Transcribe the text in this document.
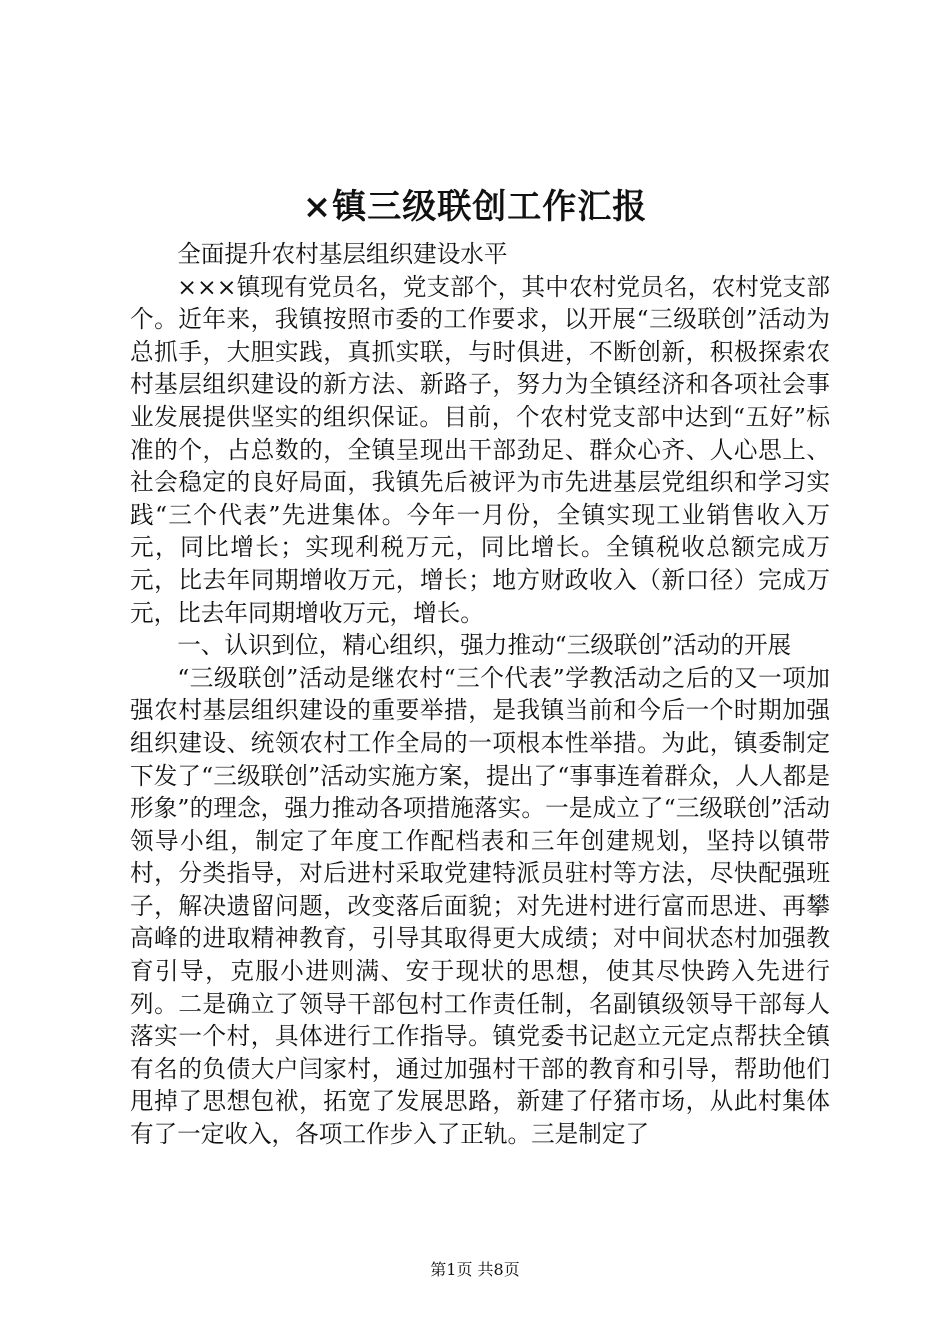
×镇三级联创工作汇报

全面提升农村基层组织建设水平

×××镇现有党员名，党支部个，其中农村党员名，农村党支部个。近年来，我镇按照市委的工作要求，以开展“三级联创”活动为总抓手，大胆实践，真抓实联，与时俱进，不断创新，积极探索农村基层组织建设的新方法、新路子，努力为全镇经济和各项社会事业发展提供坚实的组织保证。目前，个农村党支部中达到“五好”标准的个，占总数的，全镇呈现出干部劲足、群众心齐、人心思上、社会稳定的良好局面，我镇先后被评为市先进基层党组织和学习实践“三个代表”先进集体。今年一月份，全镇实现工业销售收入万元，同比增长；实现利税万元，同比增长。全镇税收总额完成万元，比去年同期增收万元，增长；地方财政收入（新口径）完成万元，比去年同期增收万元，增长。

一、认识到位，精心组织，强力推动“三级联创”活动的开展

“三级联创”活动是继农村“三个代表”学教活动之后的又一项加强农村基层组织建设的重要举措，是我镇当前和今后一个时期加强组织建设、统领农村工作全局的一项根本性举措。为此，镇委制定下发了“三级联创”活动实施方案，提出了“事事连着群众，人人都是形象”的理念，强力推动各项措施落实。一是成立了“三级联创”活动领导小组，制定了年度工作配档表和三年创建规划，坚持以镇带村，分类指导，对后进村采取党建特派员驻村等方法，尽快配强班子，解决遗留问题，改变落后面貌；对先进村进行富而思进、再攀高峰的进取精神教育，引导其取得更大成绩；对中间状态村加强教育引导，克服小进则满、安于现状的思想，使其尽快跨入先进行列。二是确立了领导干部包村工作责任制，名副镇级领导干部每人落实一个村，具体进行工作指导。镇党委书记赵立元定点帮扶全镇有名的负债大户闫家村，通过加强村干部的教育和引导，帮助他们甩掉了思想包袱，拓宽了发展思路，新建了仔猪市场，从此村集体有了一定收入，各项工作步入了正轨。三是制定了

第1页 共8页
